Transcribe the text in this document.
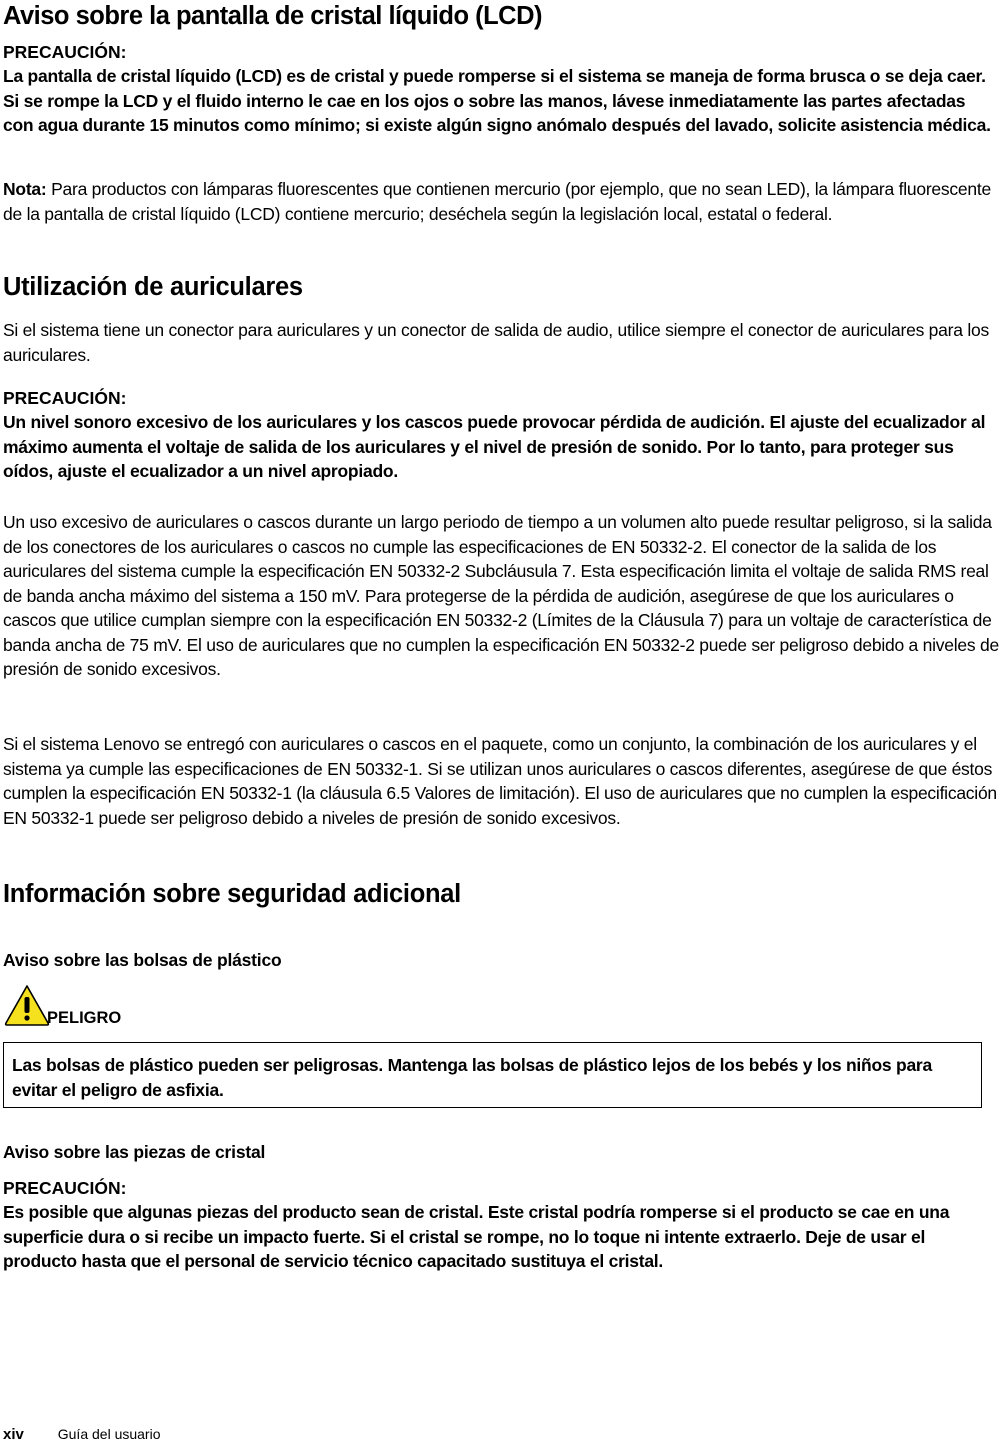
Aviso sobre la pantalla de cristal líquido (LCD)
PRECAUCIÓN:
La pantalla de cristal líquido (LCD) es de cristal y puede romperse si el sistema se maneja de forma brusca o se deja caer. Si se rompe la LCD y el fluido interno le cae en los ojos o sobre las manos, lávese inmediatamente las partes afectadas con agua durante 15 minutos como mínimo; si existe algún signo anómalo después del lavado, solicite asistencia médica.
Nota: Para productos con lámparas fluorescentes que contienen mercurio (por ejemplo, que no sean LED), la lámpara fluorescente de la pantalla de cristal líquido (LCD) contiene mercurio; deséchela según la legislación local, estatal o federal.
Utilización de auriculares
Si el sistema tiene un conector para auriculares y un conector de salida de audio, utilice siempre el conector de auriculares para los auriculares.
PRECAUCIÓN:
Un nivel sonoro excesivo de los auriculares y los cascos puede provocar pérdida de audición. El ajuste del ecualizador al máximo aumenta el voltaje de salida de los auriculares y el nivel de presión de sonido. Por lo tanto, para proteger sus oídos, ajuste el ecualizador a un nivel apropiado.
Un uso excesivo de auriculares o cascos durante un largo periodo de tiempo a un volumen alto puede resultar peligroso, si la salida de los conectores de los auriculares o cascos no cumple las especificaciones de EN 50332-2. El conector de la salida de los auriculares del sistema cumple la especificación EN 50332-2 Subcláusula 7. Esta especificación limita el voltaje de salida RMS real de banda ancha máximo del sistema a 150 mV. Para protegerse de la pérdida de audición, asegúrese de que los auriculares o cascos que utilice cumplan siempre con la especificación EN 50332-2 (Límites de la Cláusula 7) para un voltaje de característica de banda ancha de 75 mV. El uso de auriculares que no cumplen la especificación EN 50332-2 puede ser peligroso debido a niveles de presión de sonido excesivos.
Si el sistema Lenovo se entregó con auriculares o cascos en el paquete, como un conjunto, la combinación de los auriculares y el sistema ya cumple las especificaciones de EN 50332-1. Si se utilizan unos auriculares o cascos diferentes, asegúrese de que éstos cumplen la especificación EN 50332-1 (la cláusula 6.5 Valores de limitación). El uso de auriculares que no cumplen la especificación EN 50332-1 puede ser peligroso debido a niveles de presión de sonido excesivos.
Información sobre seguridad adicional
Aviso sobre las bolsas de plástico
PELIGRO
Las bolsas de plástico pueden ser peligrosas. Mantenga las bolsas de plástico lejos de los bebés y los niños para evitar el peligro de asfixia.
Aviso sobre las piezas de cristal
PRECAUCIÓN:
Es posible que algunas piezas del producto sean de cristal. Este cristal podría romperse si el producto se cae en una superficie dura o si recibe un impacto fuerte. Si el cristal se rompe, no lo toque ni intente extraerlo. Deje de usar el producto hasta que el personal de servicio técnico capacitado sustituya el cristal.
xiv Guía del usuario
